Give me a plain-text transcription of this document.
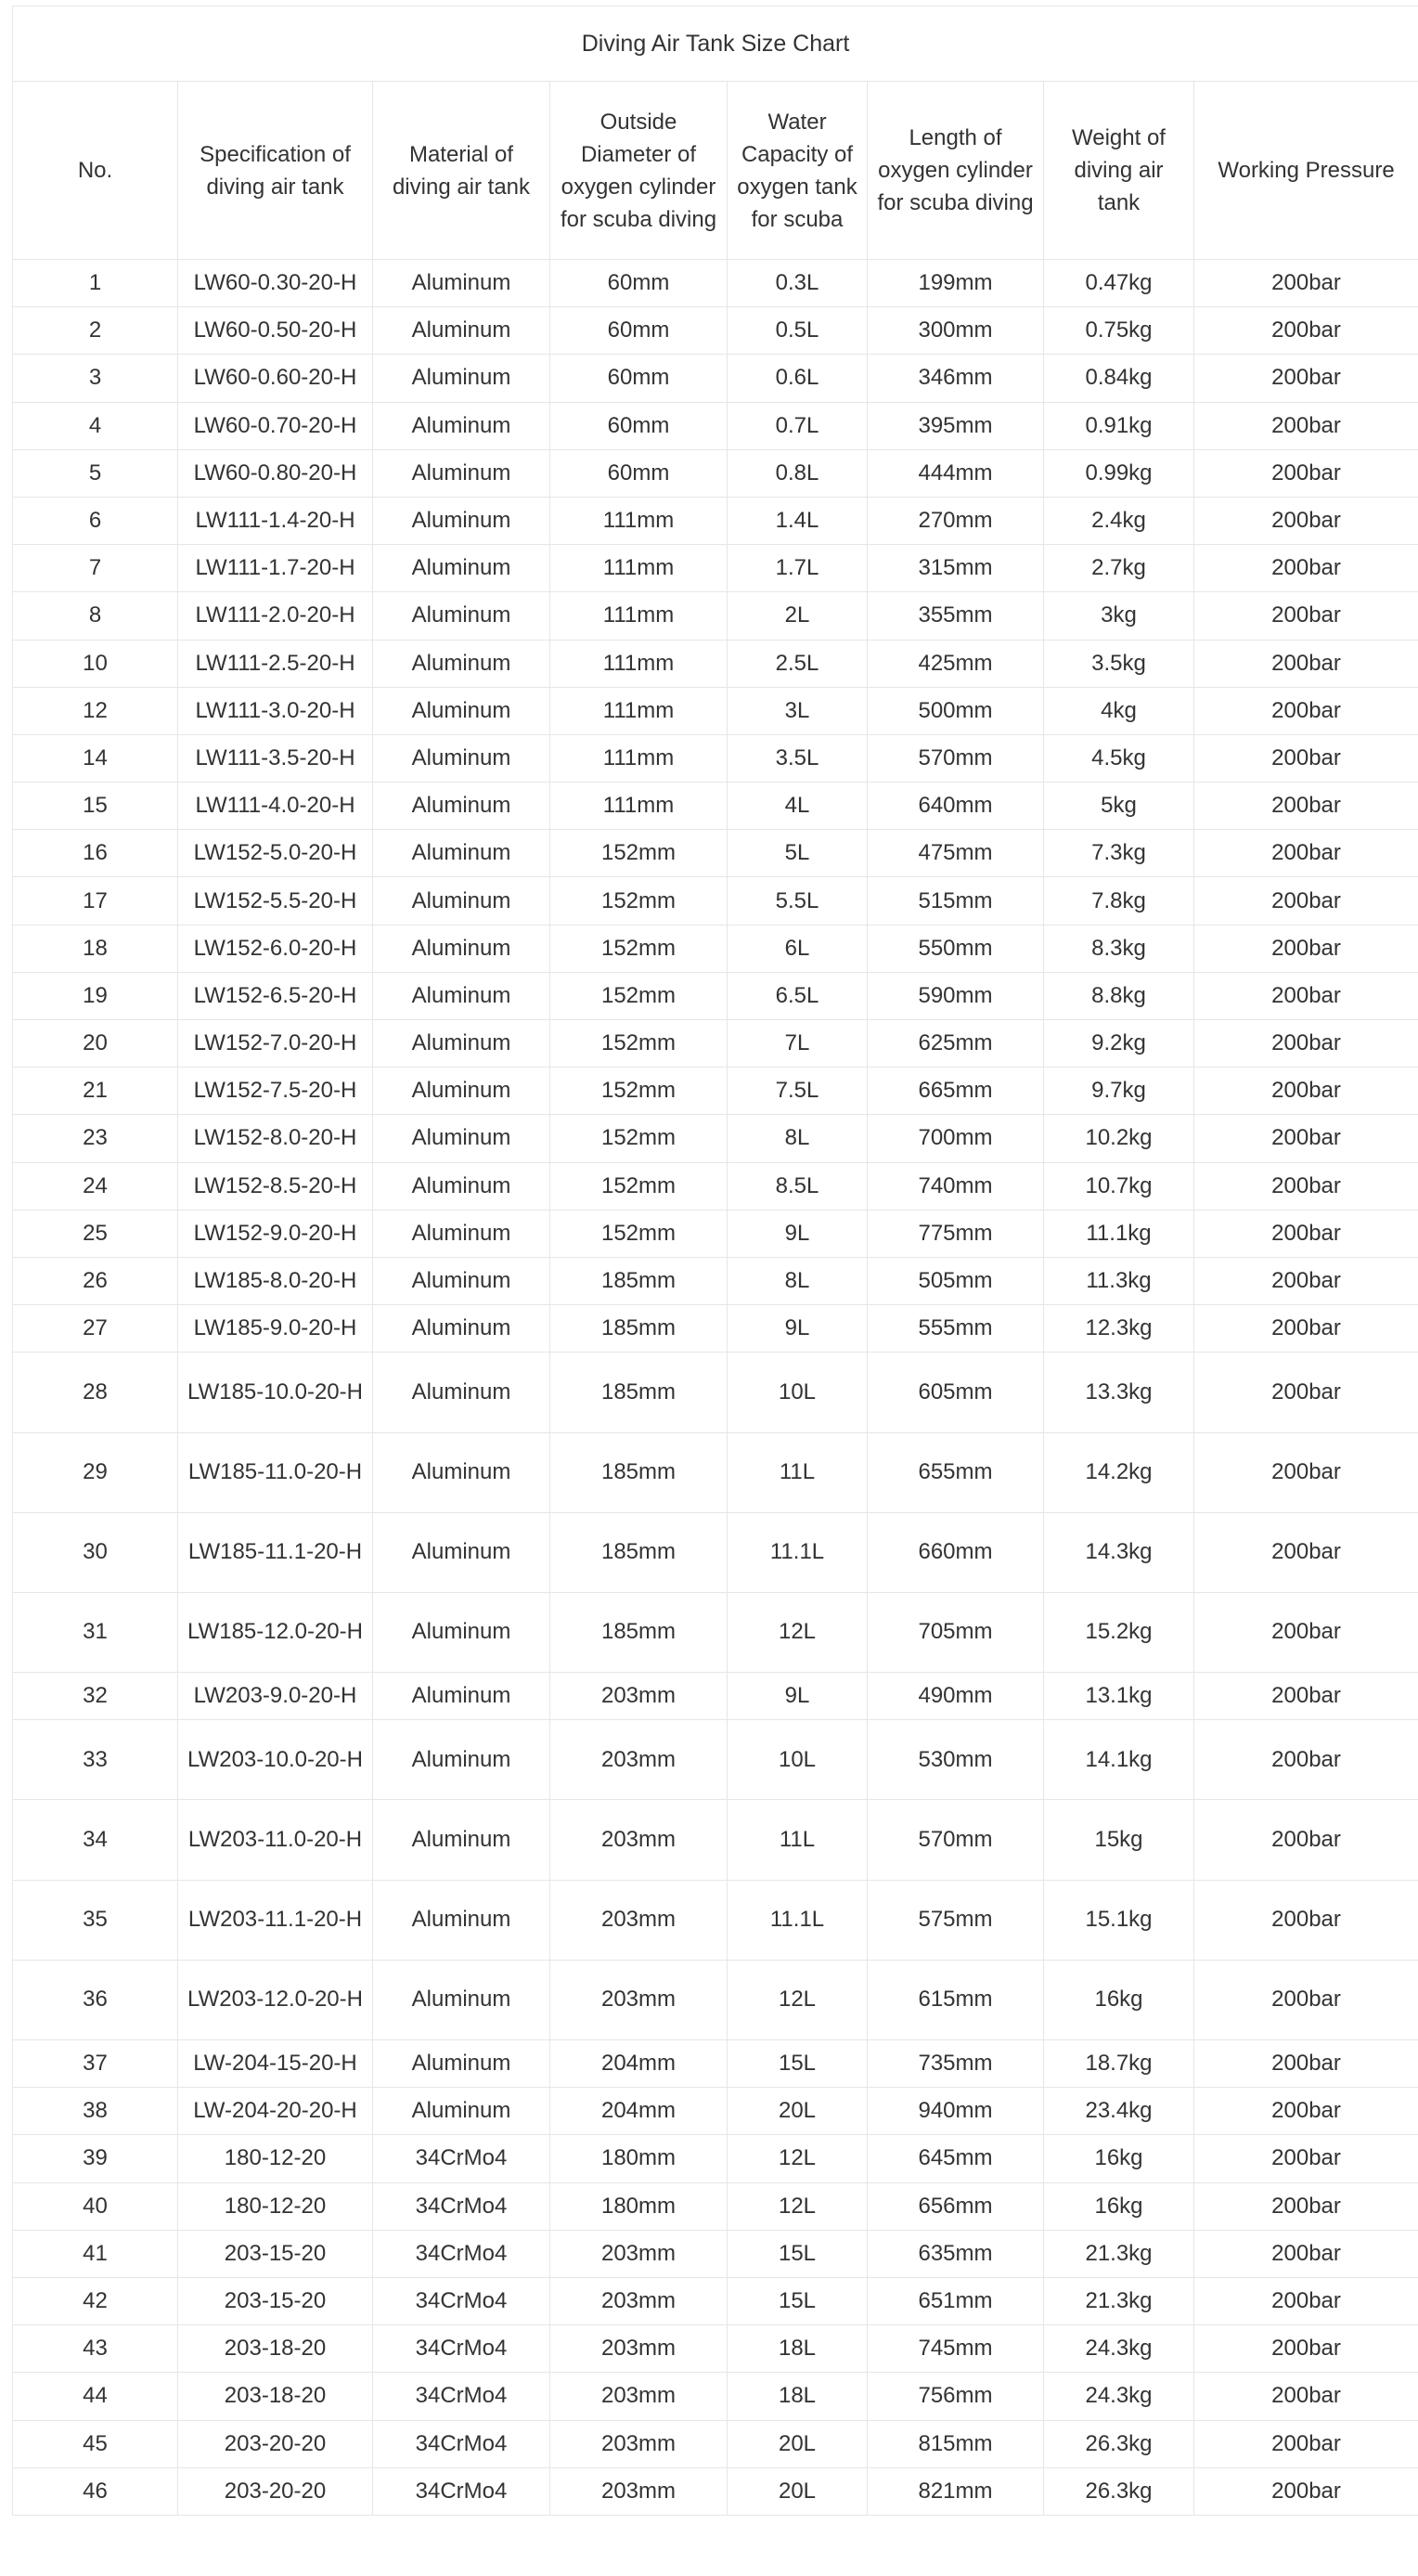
Diving Air Tank Size Chart							
No.	Specification of diving air tank	Material of diving air tank	Outside Diameter of oxygen cylinder for scuba diving	Water Capacity of oxygen tank for scuba	Length of oxygen cylinder for scuba diving	Weight of diving air tank	Working Pressure
1	LW60-0.30-20-H	Aluminum	60mm	0.3L	199mm	0.47kg	200bar
2	LW60-0.50-20-H	Aluminum	60mm	0.5L	300mm	0.75kg	200bar
3	LW60-0.60-20-H	Aluminum	60mm	0.6L	346mm	0.84kg	200bar
4	LW60-0.70-20-H	Aluminum	60mm	0.7L	395mm	0.91kg	200bar
5	LW60-0.80-20-H	Aluminum	60mm	0.8L	444mm	0.99kg	200bar
6	LW111-1.4-20-H	Aluminum	111mm	1.4L	270mm	2.4kg	200bar
7	LW111-1.7-20-H	Aluminum	111mm	1.7L	315mm	2.7kg	200bar
8	LW111-2.0-20-H	Aluminum	111mm	2L	355mm	3kg	200bar
10	LW111-2.5-20-H	Aluminum	111mm	2.5L	425mm	3.5kg	200bar
12	LW111-3.0-20-H	Aluminum	111mm	3L	500mm	4kg	200bar
14	LW111-3.5-20-H	Aluminum	111mm	3.5L	570mm	4.5kg	200bar
15	LW111-4.0-20-H	Aluminum	111mm	4L	640mm	5kg	200bar
16	LW152-5.0-20-H	Aluminum	152mm	5L	475mm	7.3kg	200bar
17	LW152-5.5-20-H	Aluminum	152mm	5.5L	515mm	7.8kg	200bar
18	LW152-6.0-20-H	Aluminum	152mm	6L	550mm	8.3kg	200bar
19	LW152-6.5-20-H	Aluminum	152mm	6.5L	590mm	8.8kg	200bar
20	LW152-7.0-20-H	Aluminum	152mm	7L	625mm	9.2kg	200bar
21	LW152-7.5-20-H	Aluminum	152mm	7.5L	665mm	9.7kg	200bar
23	LW152-8.0-20-H	Aluminum	152mm	8L	700mm	10.2kg	200bar
24	LW152-8.5-20-H	Aluminum	152mm	8.5L	740mm	10.7kg	200bar
25	LW152-9.0-20-H	Aluminum	152mm	9L	775mm	11.1kg	200bar
26	LW185-8.0-20-H	Aluminum	185mm	8L	505mm	11.3kg	200bar
27	LW185-9.0-20-H	Aluminum	185mm	9L	555mm	12.3kg	200bar
28	LW185-10.0-20-H	Aluminum	185mm	10L	605mm	13.3kg	200bar
29	LW185-11.0-20-H	Aluminum	185mm	11L	655mm	14.2kg	200bar
30	LW185-11.1-20-H	Aluminum	185mm	11.1L	660mm	14.3kg	200bar
31	LW185-12.0-20-H	Aluminum	185mm	12L	705mm	15.2kg	200bar
32	LW203-9.0-20-H	Aluminum	203mm	9L	490mm	13.1kg	200bar
33	LW203-10.0-20-H	Aluminum	203mm	10L	530mm	14.1kg	200bar
34	LW203-11.0-20-H	Aluminum	203mm	11L	570mm	15kg	200bar
35	LW203-11.1-20-H	Aluminum	203mm	11.1L	575mm	15.1kg	200bar
36	LW203-12.0-20-H	Aluminum	203mm	12L	615mm	16kg	200bar
37	LW-204-15-20-H	Aluminum	204mm	15L	735mm	18.7kg	200bar
38	LW-204-20-20-H	Aluminum	204mm	20L	940mm	23.4kg	200bar
39	180-12-20	34CrMo4	180mm	12L	645mm	16kg	200bar
40	180-12-20	34CrMo4	180mm	12L	656mm	16kg	200bar
41	203-15-20	34CrMo4	203mm	15L	635mm	21.3kg	200bar
42	203-15-20	34CrMo4	203mm	15L	651mm	21.3kg	200bar
43	203-18-20	34CrMo4	203mm	18L	745mm	24.3kg	200bar
44	203-18-20	34CrMo4	203mm	18L	756mm	24.3kg	200bar
45	203-20-20	34CrMo4	203mm	20L	815mm	26.3kg	200bar
46	203-20-20	34CrMo4	203mm	20L	821mm	26.3kg	200bar
